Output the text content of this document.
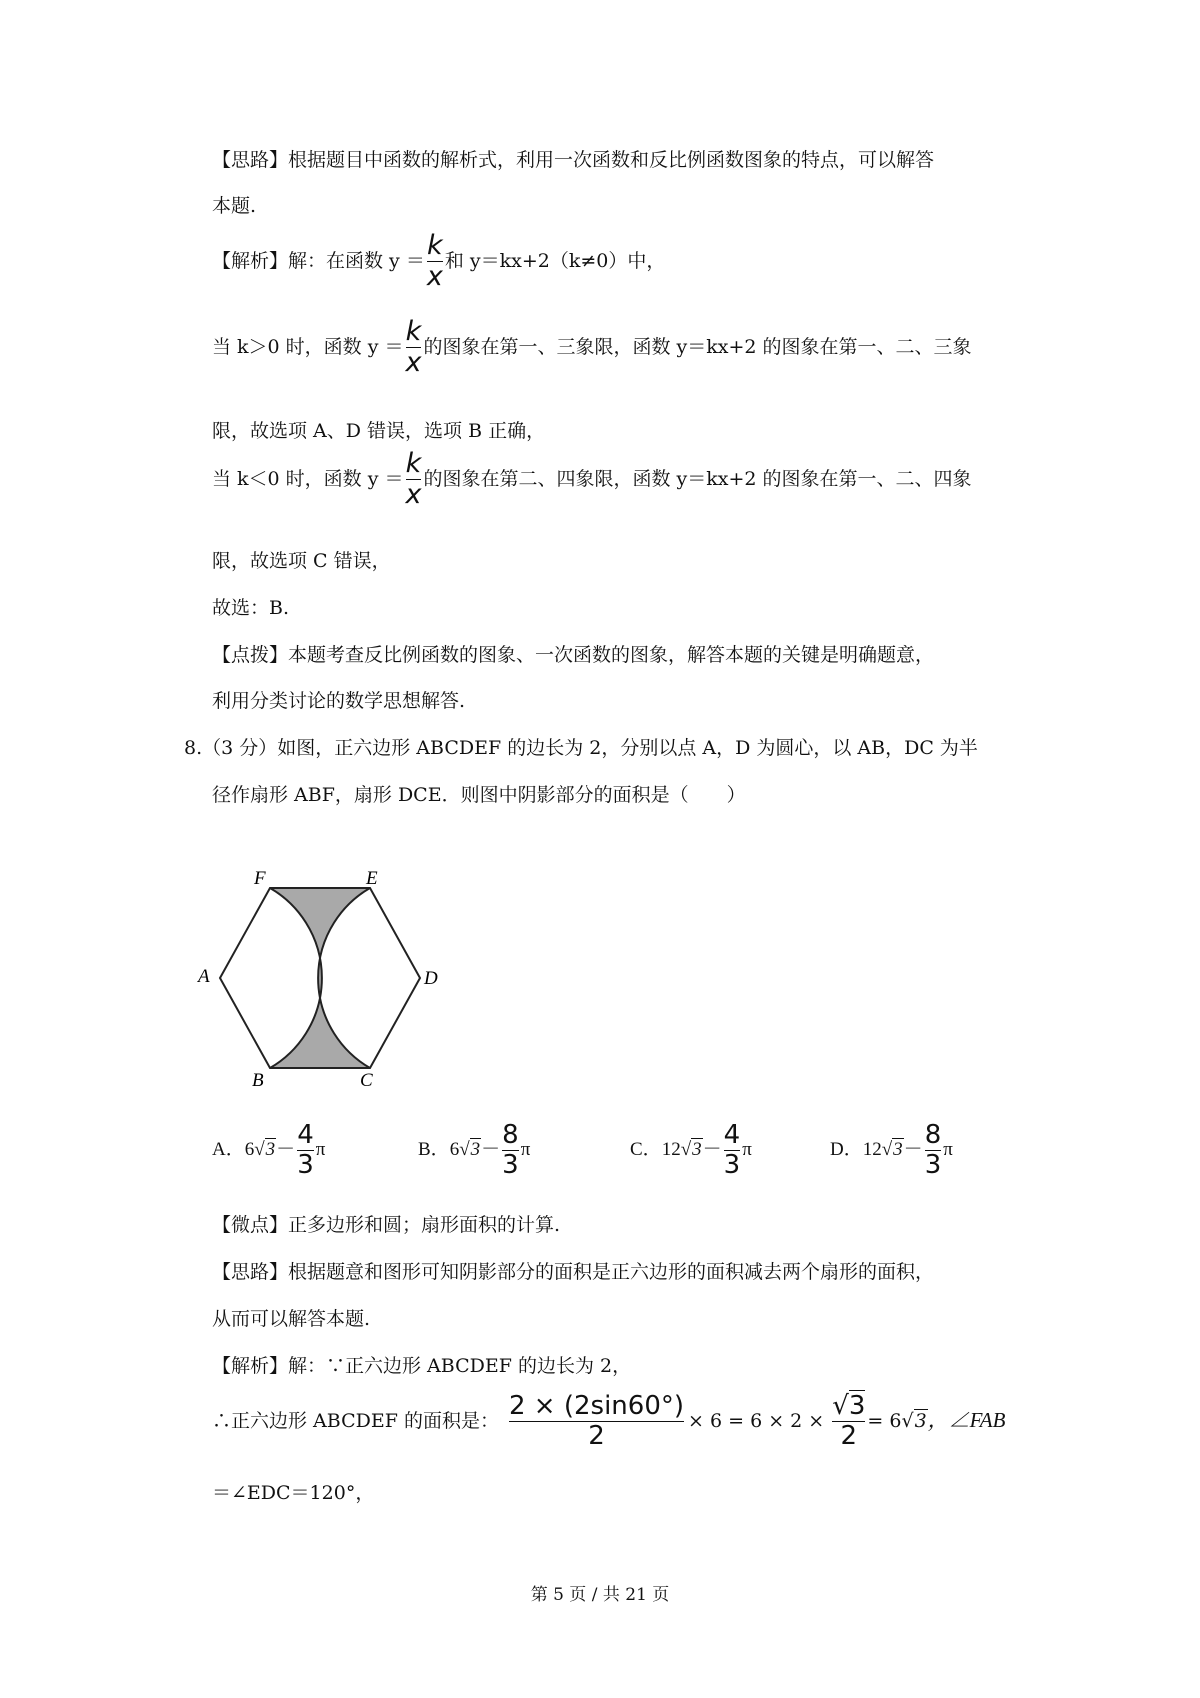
【思路】根据题目中函数的解析式，利用一次函数和反比例函数图象的特点，可以解答
本题.
【解析】解：在函数 $y = \frac{k}{x}$ 和 y＝kx+2（k≠0）中，
当 k＞0 时，函数 $y = \frac{k}{x}$ 的图象在第一、三象限，函数 y＝kx+2 的图象在第一、二、三象
限，故选项 A、D 错误，选项 B 正确，
当 k＜0 时，函数 $y = \frac{k}{x}$ 的图象在第二、四象限，函数 y＝kx+2 的图象在第一、二、四象
限，故选项 C 错误，
故选：B.
【点拨】本题考查反比例函数的图象、一次函数的图象，解答本题的关键是明确题意，
利用分类讨论的数学思想解答.
8.（3 分）如图，正六边形 ABCDEF 的边长为 2，分别以点 A，D 为圆心，以 AB，DC 为半
径作扇形 ABF，扇形 DCE．则图中阴影部分的面积是（　　）
F	E
A	D
B	C
A．$6√3- \frac{4}{3}$ π	B．$6√3- \frac{8}{3}$ π	C．$12√3- \frac{4}{3}$ π	D．$12√3- \frac{8}{3}$ π
【微点】正多边形和圆；扇形面积的计算.
【思路】根据题意和图形可知阴影部分的面积是正六边形的面积减去两个扇形的面积，
从而可以解答本题.
【解析】解：∵正六边形 ABCDEF 的边长为 2，
∴正六边形 ABCDEF 的面积是： $\frac{2 \times (2\sin 60^\circ)}{2} \times 6 = 6 \times 2 \times \frac{√3}{2} = 6√3$，∠FAB
＝∠EDC＝120°，
第 5 页 / 共 21 页
